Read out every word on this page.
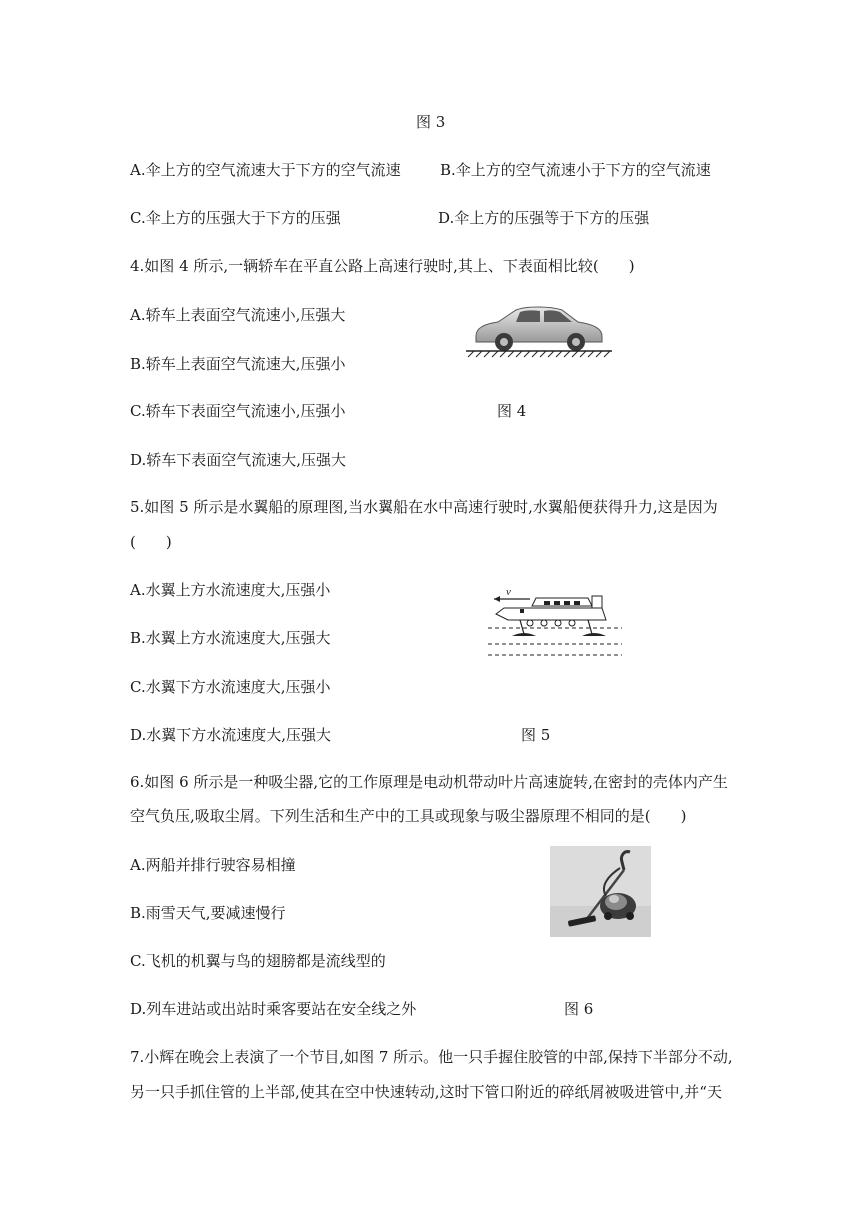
图 3
A.伞上方的空气流速大于下方的空气流速	B.伞上方的空气流速小于下方的空气流速
C.伞上方的压强大于下方的压强	D.伞上方的压强等于下方的压强
4.如图 4 所示,一辆轿车在平直公路上高速行驶时,其上、下表面相比较(　　)
A.轿车上表面空气流速小,压强大
B.轿车上表面空气流速大,压强小
C.轿车下表面空气流速小,压强小
D.轿车下表面空气流速大,压强大
图 4
5.如图 5 所示是水翼船的原理图,当水翼船在水中高速行驶时,水翼船便获得升力,这是因为
(　　)
A.水翼上方水流速度大,压强小
B.水翼上方水流速度大,压强大
C.水翼下方水流速度大,压强小
D.水翼下方水流速度大,压强大	图 5
v
6.如图 6 所示是一种吸尘器,它的工作原理是电动机带动叶片高速旋转,在密封的壳体内产生
空气负压,吸取尘屑。下列生活和生产中的工具或现象与吸尘器原理不相同的是(　　)
A.两船并排行驶容易相撞
B.雨雪天气,要减速慢行
C.飞机的机翼与鸟的翅膀都是流线型的
D.列车进站或出站时乘客要站在安全线之外	图 6
7.小辉在晚会上表演了一个节目,如图 7 所示。他一只手握住胶管的中部,保持下半部分不动,
另一只手抓住管的上半部,使其在空中快速转动,这时下管口附近的碎纸屑被吸进管中,并“天
